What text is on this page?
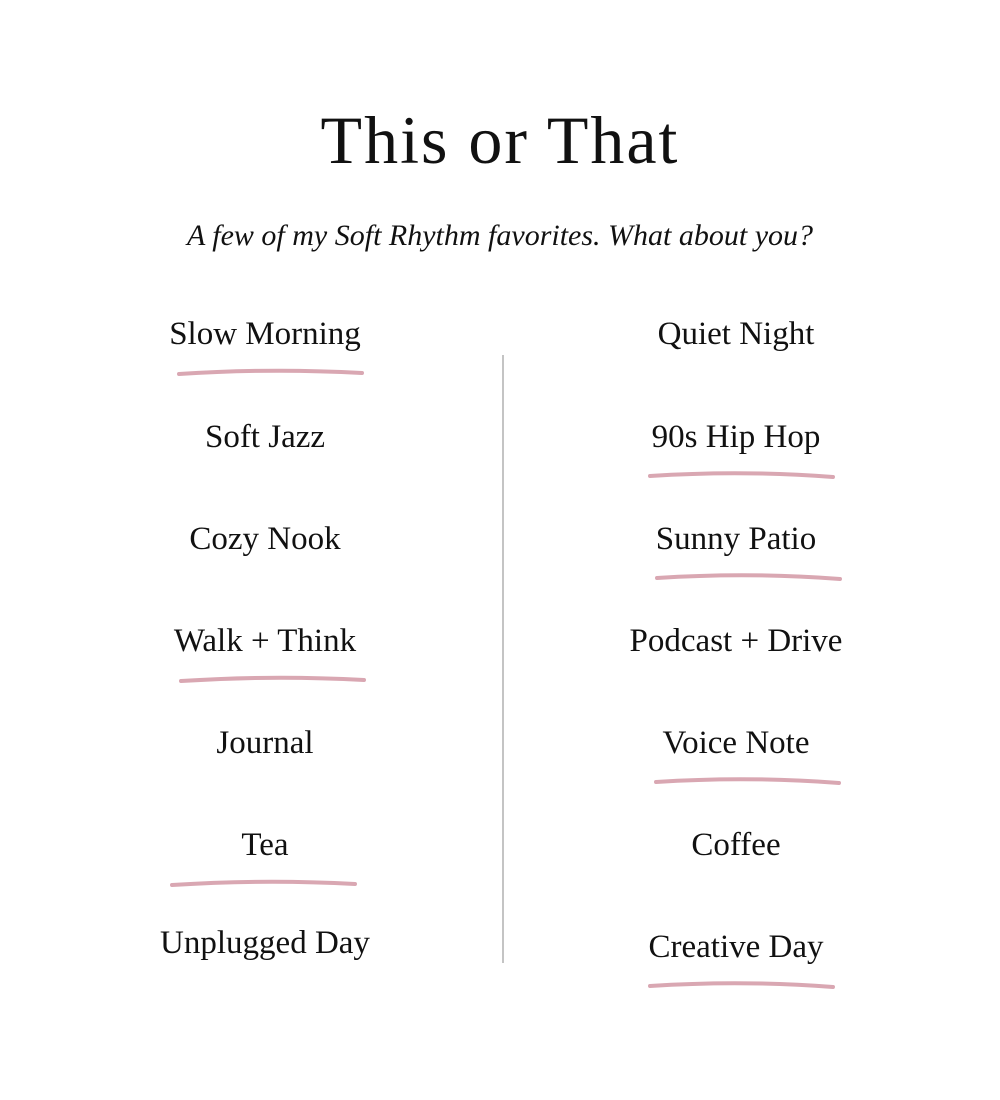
This or That

A few of my Soft Rhythm favorites. What about you?

Slow Morning	Quiet Night
Soft Jazz	90s Hip Hop
Cozy Nook	Sunny Patio
Walk + Think	Podcast + Drive
Journal	Voice Note
Tea	Coffee
Unplugged Day	Creative Day
